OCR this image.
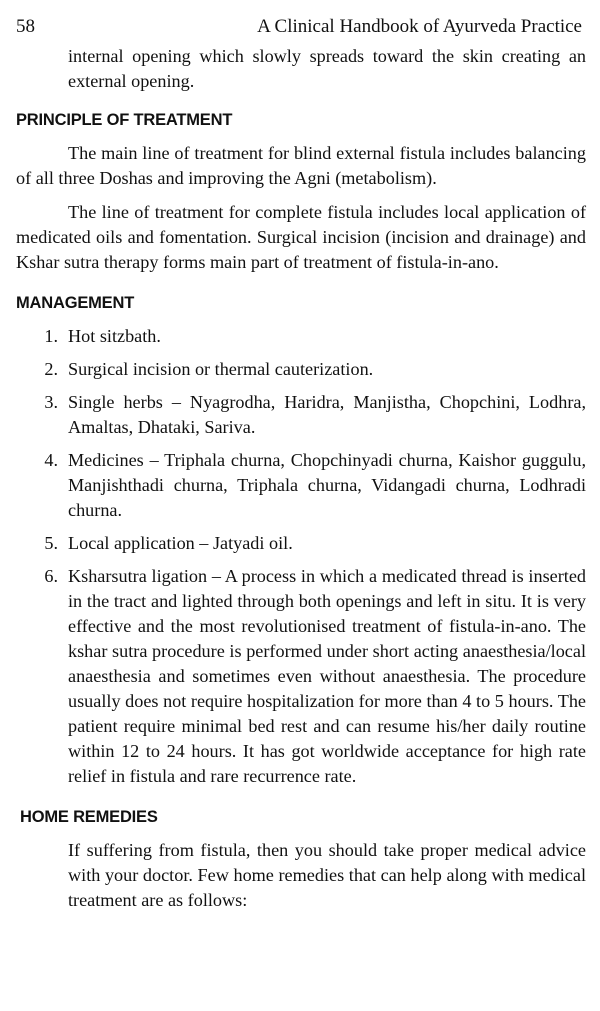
58	A Clinical Handbook of Ayurveda Practice

internal opening which slowly spreads toward the skin creating an external opening.

PRINCIPLE OF TREATMENT

The main line of treatment for blind external fistula includes balancing of all three Doshas and improving the Agni (metabolism).

The line of treatment for complete fistula includes local application of medicated oils and fomentation. Surgical incision (incision and drainage) and Kshar sutra therapy forms main part of treatment of fistula-in-ano.

MANAGEMENT
1. Hot sitzbath.
2. Surgical incision or thermal cauterization.
3. Single herbs – Nyagrodha, Haridra, Manjistha, Chopchini, Lodhra, Amaltas, Dhataki, Sariva.
4. Medicines – Triphala churna, Chopchinyadi churna, Kaishor guggulu, Manjishthadi churna, Triphala churna, Vidangadi churna, Lodhradi churna.
5. Local application – Jatyadi oil.
6. Ksharsutra ligation – A process in which a medicated thread is inserted in the tract and lighted through both openings and left in situ. It is very effective and the most revolutionised treatment of fistula-in-ano. The kshar sutra procedure is performed under short acting anaesthesia/local anaesthesia and sometimes even without anaesthesia. The procedure usually does not require hospitalization for more than 4 to 5 hours. The patient require minimal bed rest and can resume his/her daily routine within 12 to 24 hours. It has got worldwide acceptance for high rate relief in fistula and rare recurrence rate.
HOME REMEDIES

If suffering from fistula, then you should take proper medical advice with your doctor. Few home remedies that can help along with medical treatment are as follows:
